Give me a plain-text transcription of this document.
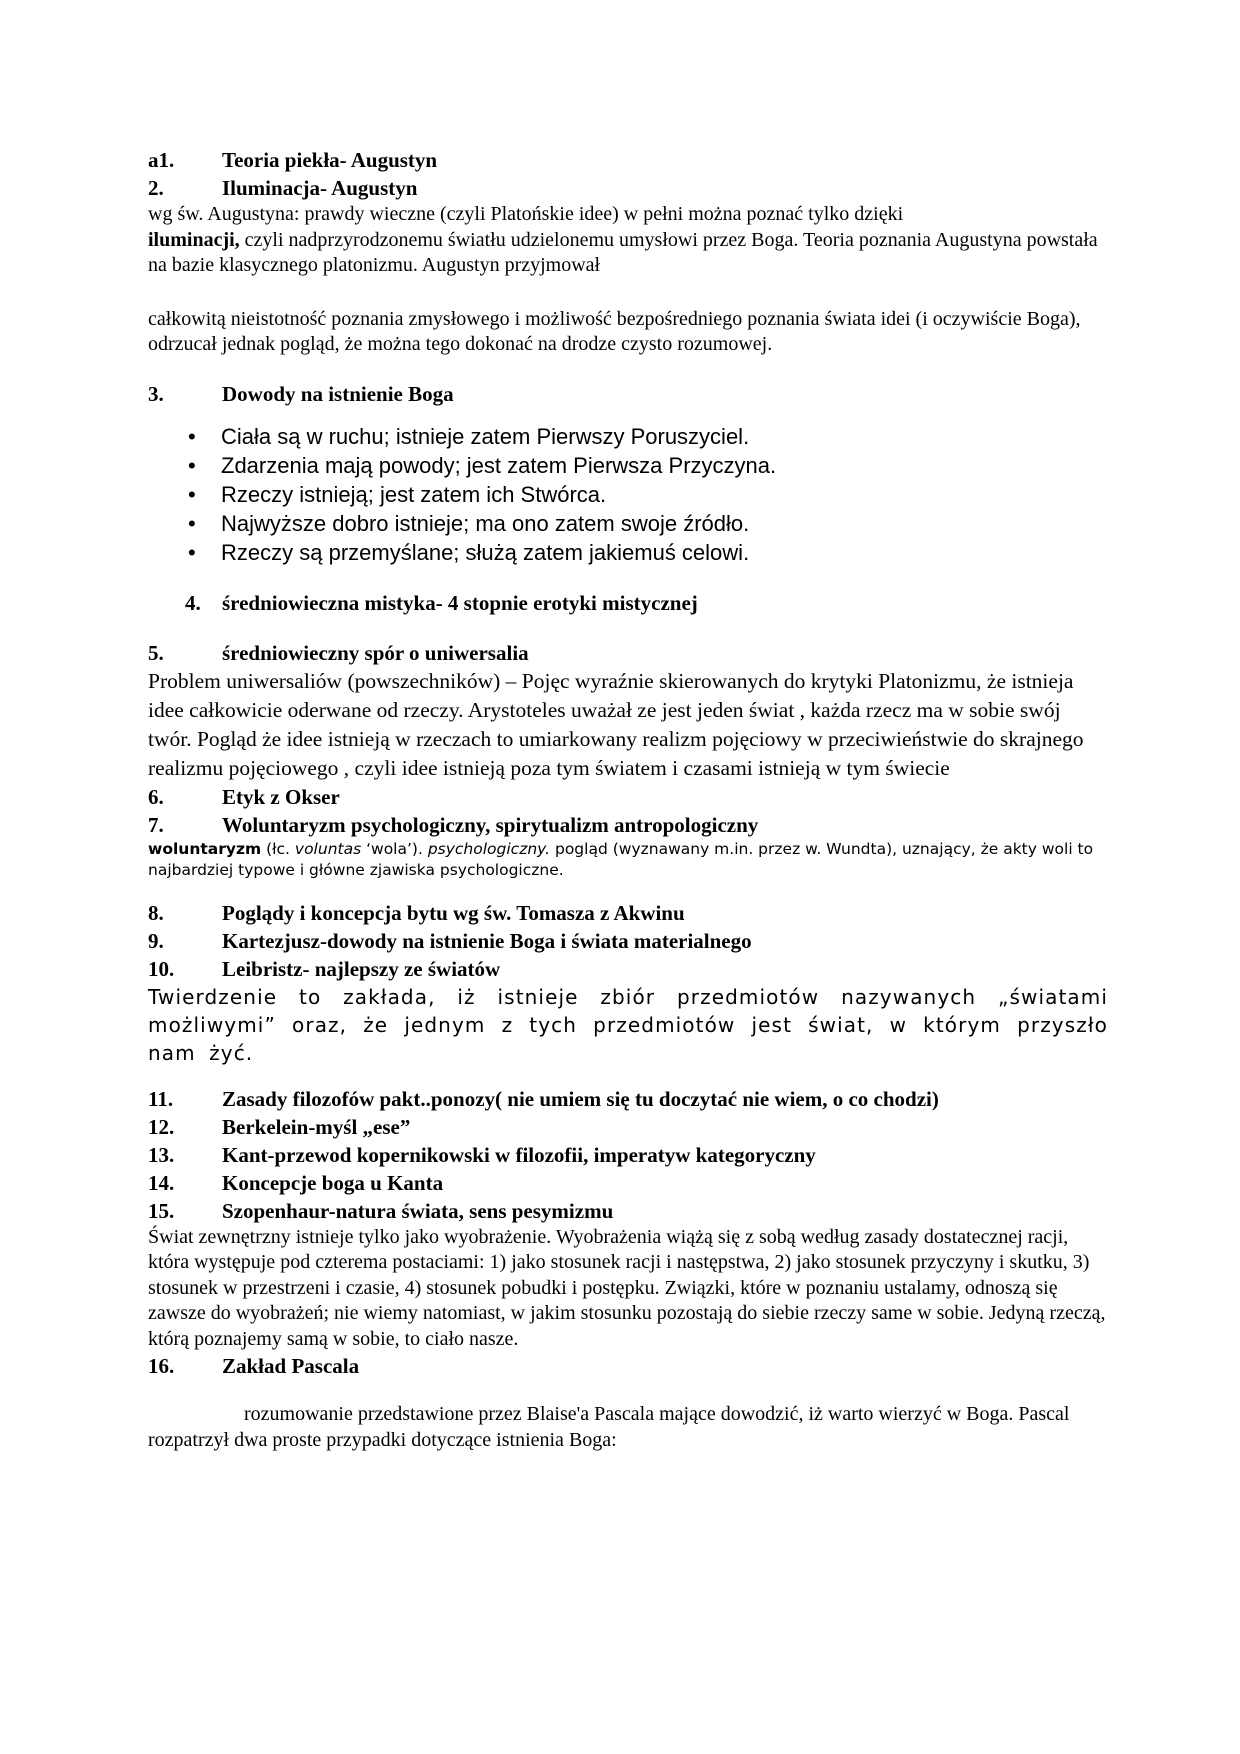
a1.	Teoria piekła- Augustyn
2.	Iluminacja- Augustyn

wg św. Augustyna: prawdy wieczne (czyli Platońskie idee) w pełni można poznać tylko dzięki

iluminacji, czyli nadprzyrodzonemu światłu udzielonemu umysłowi przez Boga. Teoria poznania Augustyna powstała na bazie klasycznego platonizmu. Augustyn przyjmował

całkowitą nieistotność poznania zmysłowego i możliwość bezpośredniego poznania świata idei (i oczywiście Boga), odrzucał jednak pogląd, że można tego dokonać na drodze czysto rozumowej.

3.	Dowody na istnienie Boga
• Ciała są w ruchu; istnieje zatem Pierwszy Poruszyciel.
• Zdarzenia mają powody; jest zatem Pierwsza Przyczyna.
• Rzeczy istnieją; jest zatem ich Stwórca.
• Najwyższe dobro istnieje; ma ono zatem swoje źródło.
• Rzeczy są przemyślane; służą zatem jakiemuś celowi.
4.	średniowieczna mistyka- 4 stopnie erotyki mistycznej
5.	średniowieczny spór o uniwersalia

Problem uniwersaliów (powszechników) – Pojęc wyraźnie skierowanych do krytyki Platonizmu, że istnieja idee całkowicie oderwane od rzeczy. Arystoteles uważał ze jest jeden świat , każda rzecz ma w sobie swój twór. Pogląd że idee istnieją w rzeczach to umiarkowany realizm pojęciowy w przeciwieństwie do skrajnego realizmu pojęciowego , czyli idee istnieją poza tym światem i czasami istnieją w tym świecie

6.	Etyk z Okser
7.	Woluntaryzm psychologiczny, spirytualizm antropologiczny

woluntaryzm (łc. voluntas ‘wola’). psychologiczny. pogląd (wyznawany m.in. przez w. Wundta), uznający, że akty woli to najbardziej typowe i główne zjawiska psychologiczne.

8.	Poglądy i koncepcja bytu wg św. Tomasza z Akwinu
9.	Kartezjusz-dowody na istnienie Boga i świata materialnego
10.	Leibristz- najlepszy ze światów

Twierdzenie to zakłada, iż istnieje zbiór przedmiotów nazywanych „światami możliwymi” oraz, że jednym z tych przedmiotów jest świat, w którym przyszło nam żyć.

11.	Zasady filozofów pakt..ponozy( nie umiem się tu doczytać nie wiem, o co chodzi)
12.	Berkelein-myśl „ese”
13.	Kant-przewod kopernikowski w filozofii, imperatyw kategoryczny
14.	Koncepcje boga u Kanta
15.	Szopenhaur-natura świata, sens pesymizmu

Świat zewnętrzny istnieje tylko jako wyobrażenie. Wyobrażenia wiążą się z sobą według zasady dostatecznej racji, która występuje pod czterema postaciami: 1) jako stosunek racji i następstwa, 2) jako stosunek przyczyny i skutku, 3) stosunek w przestrzeni i czasie, 4) stosunek pobudki i postępku. Związki, które w poznaniu ustalamy, odnoszą się zawsze do wyobrażeń; nie wiemy natomiast, w jakim stosunku pozostają do siebie rzeczy same w sobie. Jedyną rzeczą, którą poznajemy samą w sobie, to ciało nasze.

16.	Zakład Pascala

rozumowanie przedstawione przez Blaise'a Pascala mające dowodzić, iż warto wierzyć w Boga. Pascal rozpatrzył dwa proste przypadki dotyczące istnienia Boga:
